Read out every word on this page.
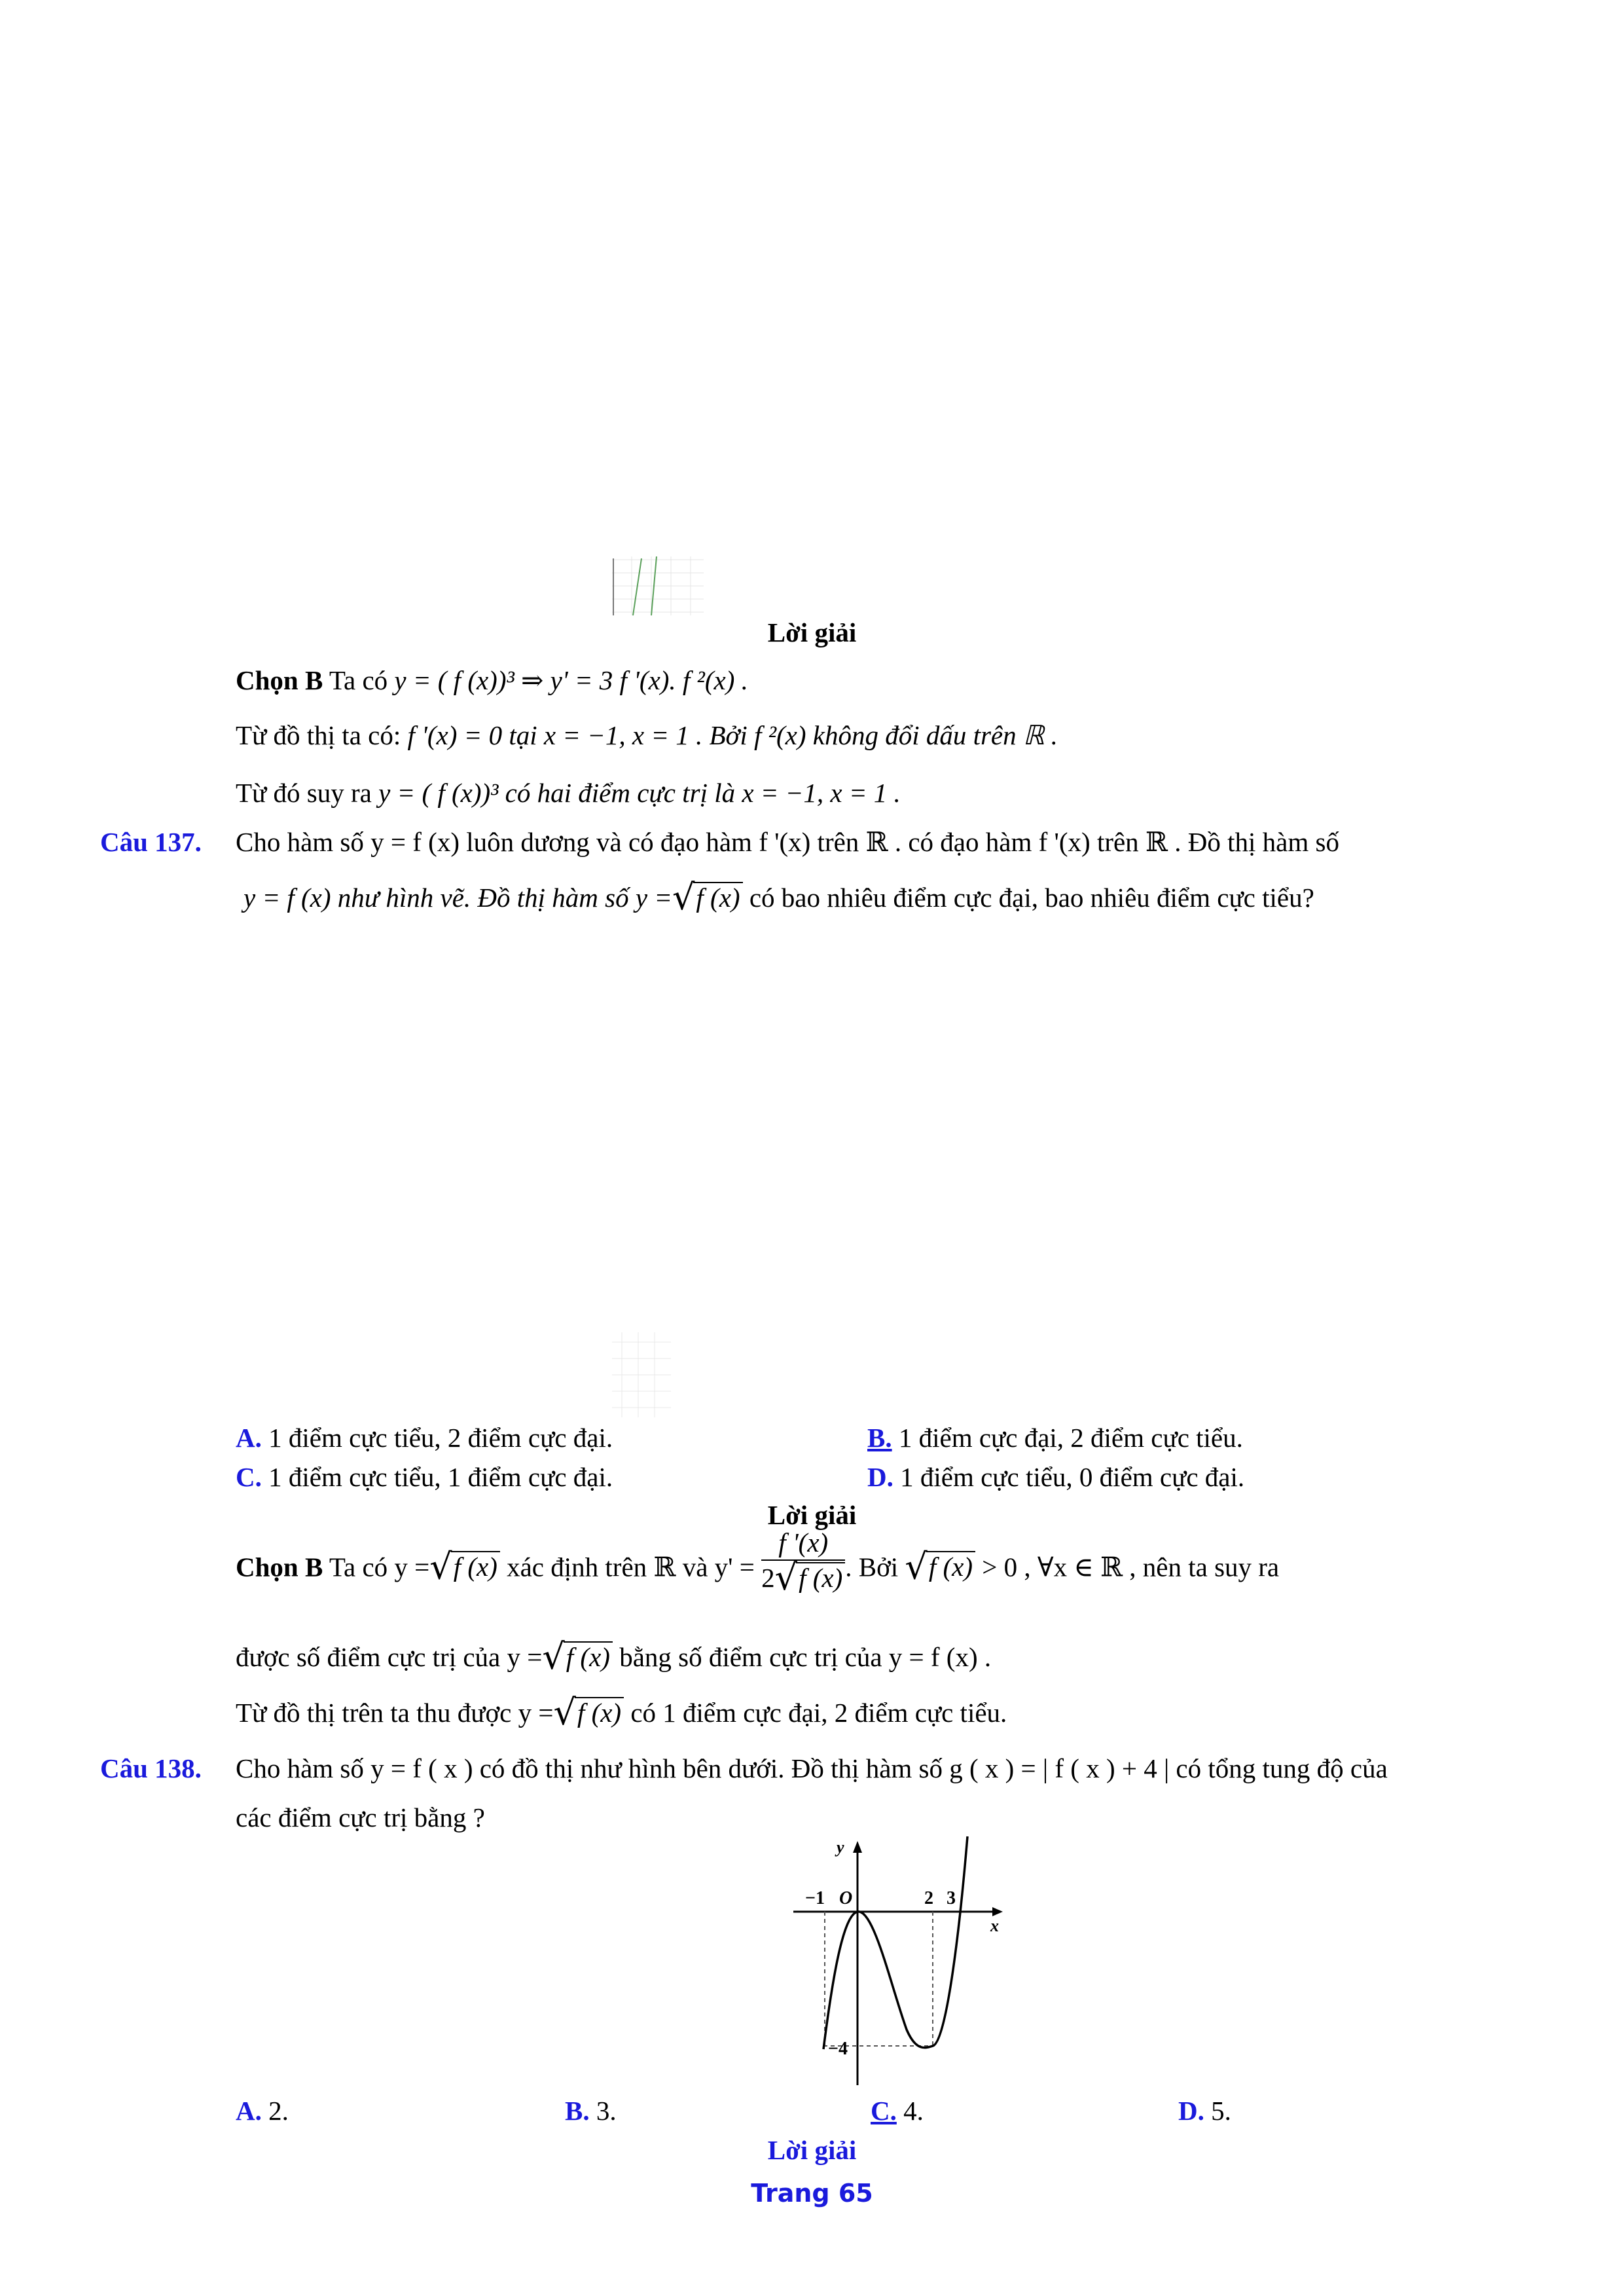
Lời giải
Chọn B Ta có y = ( f (x))³ ⇒ y' = 3 f '(x). f ²(x) .
Từ đồ thị ta có: f '(x) = 0 tại x = −1, x = 1 . Bởi f ²(x) không đổi dấu trên ℝ .
Từ đó suy ra y = ( f (x))³ có hai điểm cực trị là x = −1, x = 1 .
Câu 137. Cho hàm số y = f (x) luôn dương và có đạo hàm f '(x) trên ℝ . có đạo hàm f '(x) trên ℝ . Đồ thị hàm số
y = f (x) như hình vẽ. Đồ thị hàm số y =√f (x) có bao nhiêu điểm cực đại, bao nhiêu điểm cực tiểu?
A. 1 điểm cực tiểu, 2 điểm cực đại.	B. 1 điểm cực đại, 2 điểm cực tiểu.
C. 1 điểm cực tiểu, 1 điểm cực đại.	D. 1 điểm cực tiểu, 0 điểm cực đại.
Lời giải
Chọn B Ta có y =√f (x) xác định trên ℝ và $y' = \frac{f '(x)}{2√f (x)}$ . Bởi √f (x) > 0 , ∀x ∈ ℝ , nên ta suy ra
được số điểm cực trị của y =√f (x) bằng số điểm cực trị của y = f (x) .
Từ đồ thị trên ta thu được y =√f (x) có 1 điểm cực đại, 2 điểm cực tiểu.
Câu 138. Cho hàm số y = f ( x ) có đồ thị như hình bên dưới. Đồ thị hàm số g ( x ) = | f ( x ) + 4 | có tổng tung độ của
các điểm cực trị bằng ?
y
x
O
−1	2 3
−4
A. 2.	B. 3.	C. 4.	D. 5.
Lời giải
Trang 65
